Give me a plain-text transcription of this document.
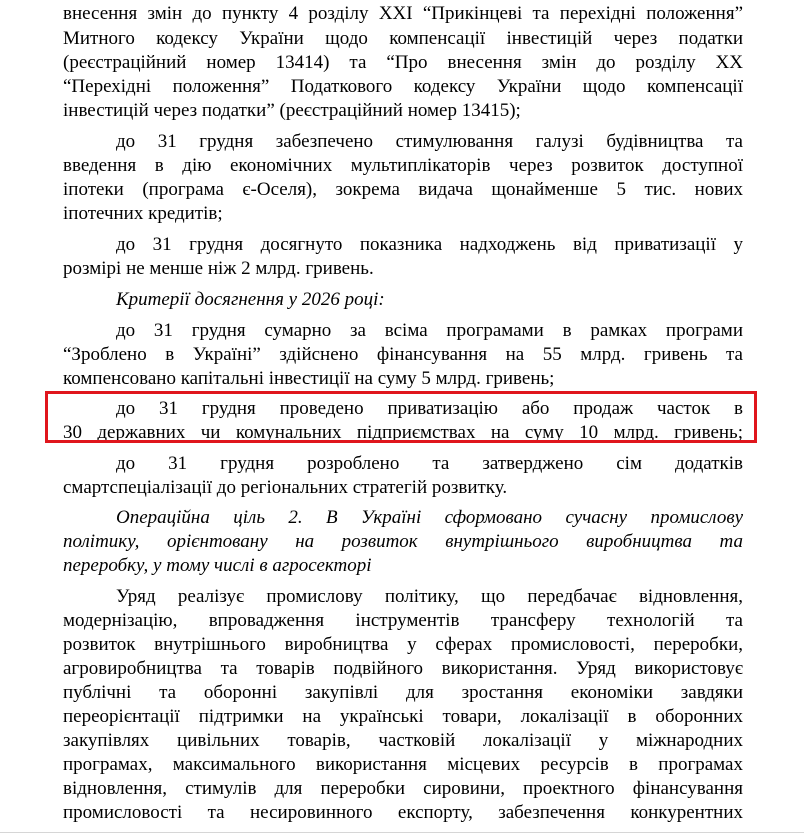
внесення змін до пункту 4 розділу XXI “Прикінцеві та перехідні положення”
Митного кодексу України щодо компенсації інвестицій через податки
(реєстраційний номер 13414) та “Про внесення змін до розділу XX
“Перехідні положення” Податкового кодексу України щодо компенсації
інвестицій через податки” (реєстраційний номер 13415);
до 31 грудня забезпечено стимулювання галузі будівництва та
введення в дію економічних мультиплікаторів через розвиток доступної
іпотеки (програма є-Оселя), зокрема видача щонайменше 5 тис. нових
іпотечних кредитів;
до 31 грудня досягнуто показника надходжень від приватизації у
розмірі не менше ніж 2 млрд. гривень.
Критерії досягнення у 2026 році:
до 31 грудня сумарно за всіма програмами в рамках програми
“Зроблено в Україні” здійснено фінансування на 55 млрд. гривень та
компенсовано капітальні інвестиції на суму 5 млрд. гривень;
до 31 грудня проведено приватизацію або продаж часток в
30 державних чи комунальних підприємствах на суму 10 млрд. гривень;
до 31 грудня розроблено та затверджено сім додатків
смартспеціалізації до регіональних стратегій розвитку.
Операційна ціль 2. В Україні сформовано сучасну промислову
політику, орієнтовану на розвиток внутрішнього виробництва та
переробку, у тому числі в агросекторі
Уряд реалізує промислову політику, що передбачає відновлення,
модернізацію, впровадження інструментів трансферу технологій та
розвиток внутрішнього виробництва у сферах промисловості, переробки,
агровиробництва та товарів подвійного використання. Уряд використовує
публічні та оборонні закупівлі для зростання економіки завдяки
переорієнтації підтримки на українські товари, локалізації в оборонних
закупівлях цивільних товарів, частковій локалізації у міжнародних
програмах, максимального використання місцевих ресурсів в програмах
відновлення, стимулів для переробки сировини, проектного фінансування
промисловості та несировинного експорту, забезпечення конкурентних
